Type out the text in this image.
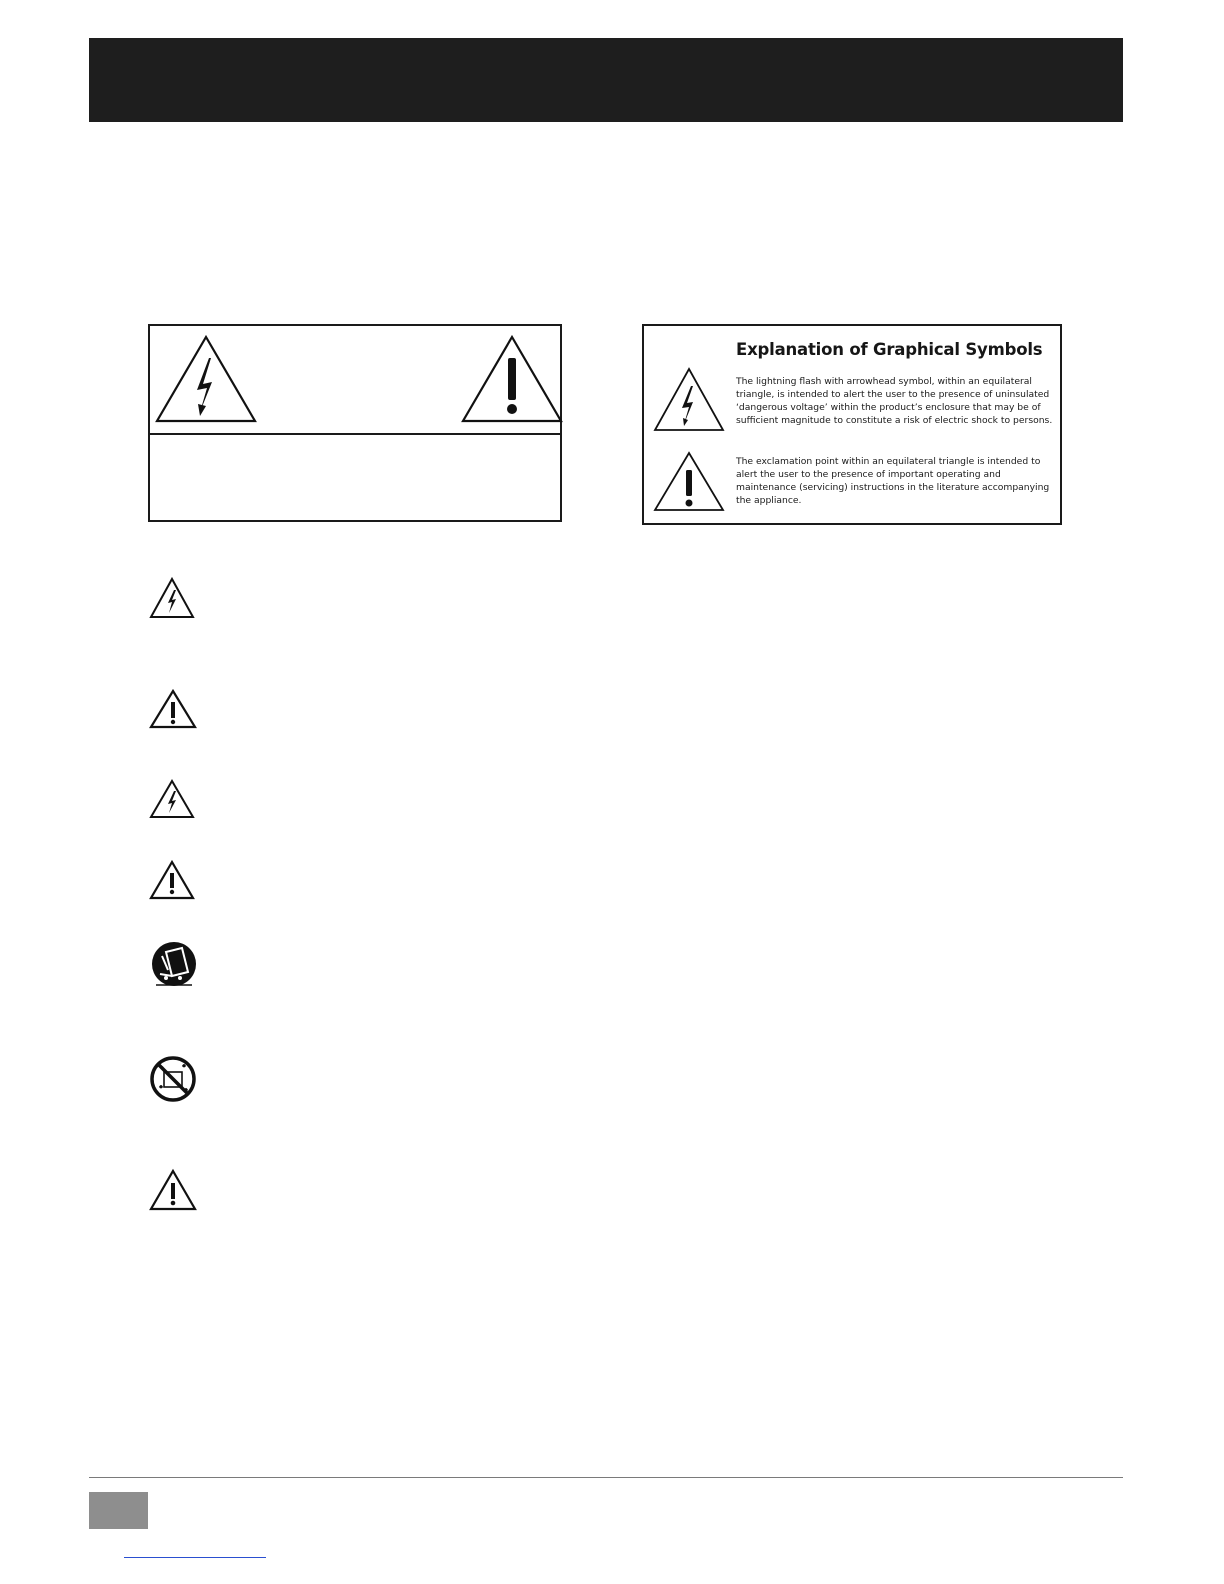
Explanation of Graphical Symbols

The lightning flash with arrowhead symbol, within an equilateral triangle, is intended to alert the user to the presence of uninsulated ‘dangerous voltage’ within the product’s enclosure that may be of sufficient magnitude to constitute a risk of electric shock to persons.

The exclamation point within an equilateral triangle is intended to alert the user to the presence of important operating and maintenance (servicing) instructions in the literature accompanying the appliance.
